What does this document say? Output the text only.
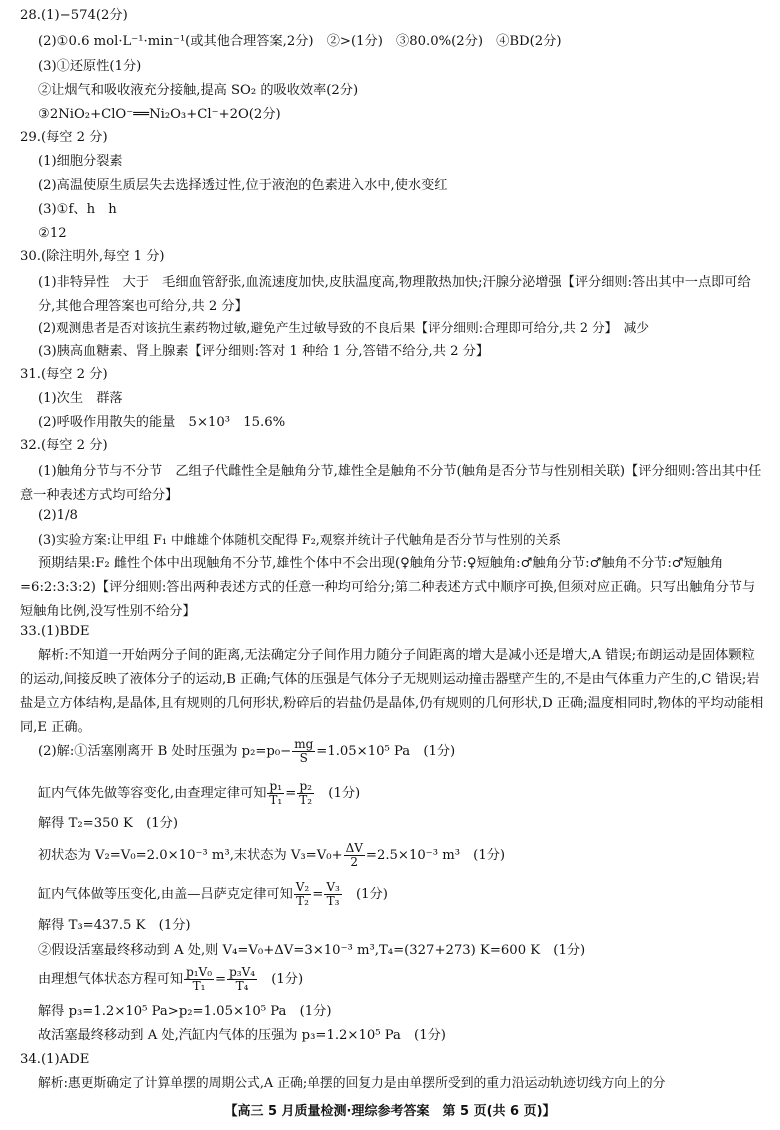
28.(1)−574(2分)
(2)①0.6 mol·L⁻¹·min⁻¹(或其他合理答案,2分)　②>(1分)　③80.0%(2分)　④BD(2分)
(3)①还原性(1分)
②让烟气和吸收液充分接触,提高 SO₂ 的吸收效率(2分)
③2NiO₂+ClO⁻══Ni₂O₃+Cl⁻+2O(2分)
29.(每空 2 分)
(1)细胞分裂素
(2)高温使原生质层失去选择透过性,位于液泡的色素进入水中,使水变红
(3)①f、h　h
②12
30.(除注明外,每空 1 分)
(1)非特异性　大于　毛细血管舒张,血流速度加快,皮肤温度高,物理散热加快;汗腺分泌增强【评分细则:答出其中一点即可给分,其他合理答案也可给分,共 2 分】
(2)观测患者是否对该抗生素药物过敏,避免产生过敏导致的不良后果【评分细则:合理即可给分,共 2 分】　减少
(3)胰高血糖素、肾上腺素【评分细则:答对 1 种给 1 分,答错不给分,共 2 分】
31.(每空 2 分)
(1)次生　群落
(2)呼吸作用散失的能量　5×10³　15.6%
32.(每空 2 分)
(1)触角分节与不分节　乙组子代雌性全是触角分节,雄性全是触角不分节(触角是否分节与性别相关联)【评分细则:答出其中任意一种表述方式均可给分】
(2)1/8
(3)实验方案:让甲组 F₁ 中雌雄个体随机交配得 F₂,观察并统计子代触角是否分节与性别的关系
预期结果:F₂ 雌性个体中出现触角不分节,雄性个体中不会出现(♀触角分节:♀短触角:♂触角分节:♂触角不分节:♂短触角=6:2:3:3:2)【评分细则:答出两种表述方式的任意一种均可给分;第二种表述方式中顺序可换,但须对应正确。只写出触角分节与短触角比例,没写性别不给分】
33.(1)BDE
解析:不知道一开始两分子间的距离,无法确定分子间作用力随分子间距离的增大是减小还是增大,A 错误;布朗运动是固体颗粒的运动,间接反映了液体分子的运动,B 正确;气体的压强是气体分子无规则运动撞击器壁产生的,不是由气体重力产生的,C 错误;岩盐是立方体结构,是晶体,且有规则的几何形状,粉碎后的岩盐仍是晶体,仍有规则的几何形状,D 正确;温度相同时,物体的平均动能相同,E 正确。
(2)解:①活塞刚离开 B 处时压强为 $p_2=p_0- \frac{mg}{S} =1.05\times 10^5$ Pa　(1分)
缸内气体先做等容变化,由查理定律可知 $\frac{\text{p₁}}{\text{T₁}} = \frac{\text{p₂}}{\text{T₂}}$ 　(1分)
解得 T₂=350 K　(1分)
初状态为 V₂=V₀=2.0×10⁻³ m³,末状态为 $V_3=V_0+ \frac{\Delta V}{2} =2.5\times 10^{-3}$ m³　(1分)
缸内气体做等压变化,由盖—吕萨克定律可知 $\frac{\text{V₂}}{\text{T₂}} = \frac{\text{V₃}}{\text{T₃}}$ 　(1分)
解得 T₃=437.5 K　(1分)
②假设活塞最终移动到 A 处,则 V₄=V₀+ΔV=3×10⁻³ m³,T₄=(327+273) K=600 K　(1分)
由理想气体状态方程可知 $\frac{\text{p₁V₀}}{\text{T₁}} = \frac{\text{p₃V₄}}{\text{T₄}}$ 　(1分)
解得 p₃=1.2×10⁵ Pa>p₂=1.05×10⁵ Pa　(1分)
故活塞最终移动到 A 处,汽缸内气体的压强为 p₃=1.2×10⁵ Pa　(1分)
34.(1)ADE
解析:惠更斯确定了计算单摆的周期公式,A 正确;单摆的回复力是由单摆所受到的重力沿运动轨迹切线方向上的分
【高三 5 月质量检测·理综参考答案　第 5 页(共 6 页)】
